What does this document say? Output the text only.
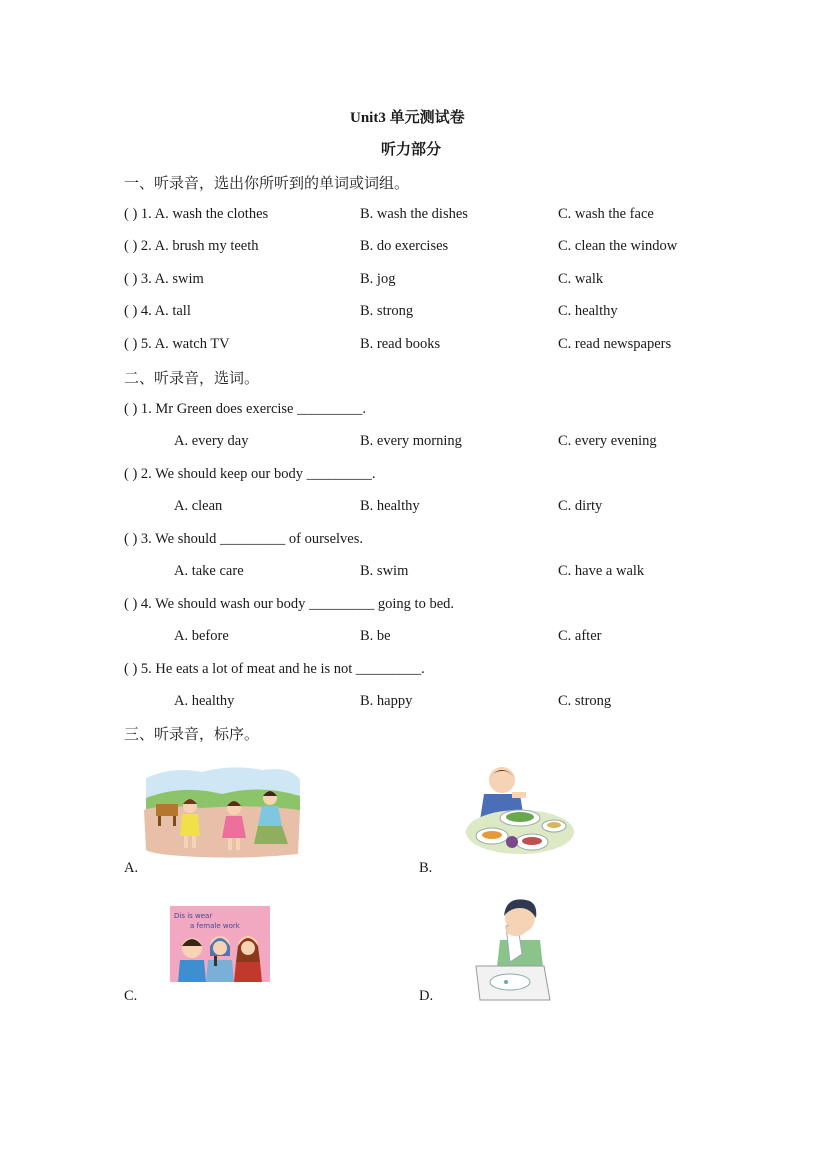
Unit3 单元测试卷
听力部分
一、听录音，选出你所听到的单词或词组。
( ) 1. A. wash the clothes	B. wash the dishes	C. wash the face
( ) 2. A. brush my teeth	B. do exercises	C. clean the window
( ) 3. A. swim	B. jog	C. walk
( ) 4. A. tall	B. strong	C. healthy
( ) 5. A. watch TV	B. read books	C. read newspapers
二、听录音，选词。
( ) 1. Mr Green does exercise _________.
A. every day	B. every morning	C. every evening
( ) 2. We should keep our body _________.
A. clean	B. healthy	C. dirty
( ) 3. We should _________ of ourselves.
A. take care	B. swim	C. have a walk
( ) 4. We should wash our body _________ going to bed.
A. before	B. be	C. after
( ) 5. He eats a lot of meat and he is not _________.
A. healthy	B. happy	C. strong
三、听录音，标序。
A.	B.
Dis is wear
a female work
C.	D.
